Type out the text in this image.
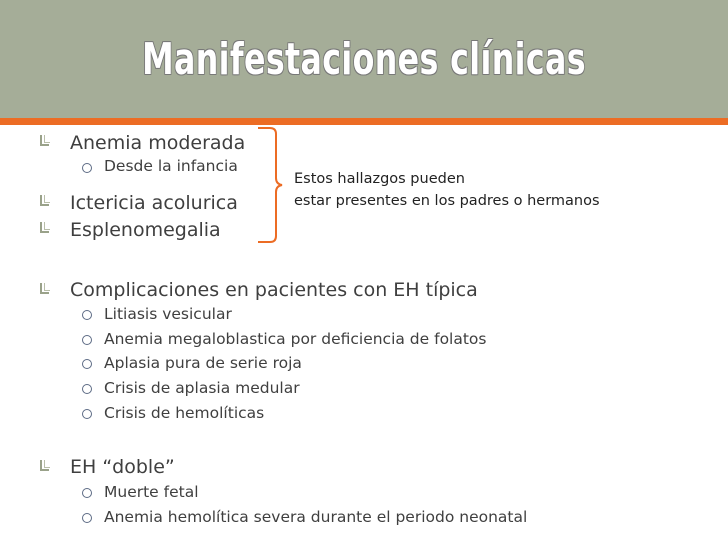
Manifestaciones clínicas
Anemia moderada
Desde la infancia
Ictericia acolurica
Esplenomegalia
Estos hallazgos pueden
estar presentes en los padres o hermanos
Complicaciones en pacientes con EH típica
Litiasis vesicular
Anemia megaloblastica por deficiencia de folatos
Aplasia pura de serie roja
Crisis de aplasia medular
Crisis de hemolíticas
EH “doble”
Muerte fetal
Anemia hemolítica severa durante el periodo neonatal
